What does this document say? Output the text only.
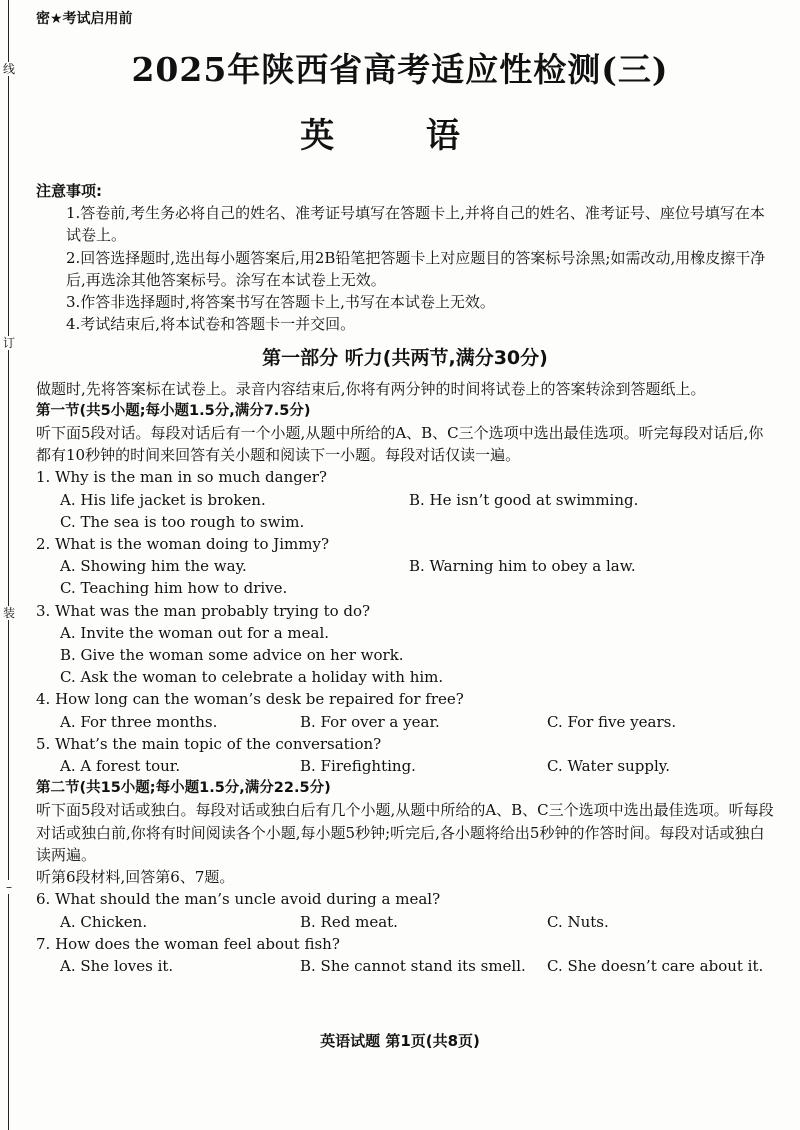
线
订
装
–
密★考试启用前
2025年陕西省高考适应性检测(三)
英 语

注意事项:

1.答卷前,考生务必将自己的姓名、准考证号填写在答题卡上,并将自己的姓名、准考证号、座位号填写在本试卷上。

2.回答选择题时,选出每小题答案后,用2B铅笔把答题卡上对应题目的答案标号涂黑;如需改动,用橡皮擦干净后,再选涂其他答案标号。涂写在本试卷上无效。

3.作答非选择题时,将答案书写在答题卡上,书写在本试卷上无效。

4.考试结束后,将本试卷和答题卡一并交回。

第一部分 听力(共两节,满分30分)

做题时,先将答案标在试卷上。录音内容结束后,你将有两分钟的时间将试卷上的答案转涂到答题纸上。

第一节(共5小题;每小题1.5分,满分7.5分)

听下面5段对话。每段对话后有一个小题,从题中所给的A、B、C三个选项中选出最佳选项。听完每段对话后,你都有10秒钟的时间来回答有关小题和阅读下一小题。每段对话仅读一遍。

1. Why is the man in so much danger?

A. His life jacket is broken.	B. He isn’t good at swimming.
C. The sea is too rough to swim.

2. What is the woman doing to Jimmy?

A. Showing him the way.	B. Warning him to obey a law.
C. Teaching him how to drive.

3. What was the man probably trying to do?

A. Invite the woman out for a meal.
B. Give the woman some advice on her work.
C. Ask the woman to celebrate a holiday with him.

4. How long can the woman’s desk be repaired for free?

A. For three months.	B. For over a year.	C. For five years.

5. What’s the main topic of the conversation?

A. A forest tour.	B. Firefighting.	C. Water supply.

第二节(共15小题;每小题1.5分,满分22.5分)

听下面5段对话或独白。每段对话或独白后有几个小题,从题中所给的A、B、C三个选项中选出最佳选项。听每段对话或独白前,你将有时间阅读各个小题,每小题5秒钟;听完后,各小题将给出5秒钟的作答时间。每段对话或独白读两遍。

听第6段材料,回答第6、7题。

6. What should the man’s uncle avoid during a meal?

A. Chicken.	B. Red meat.	C. Nuts.

7. How does the woman feel about fish?

A. She loves it.	B. She cannot stand its smell.	C. She doesn’t care about it.
英语试题 第1页(共8页)
